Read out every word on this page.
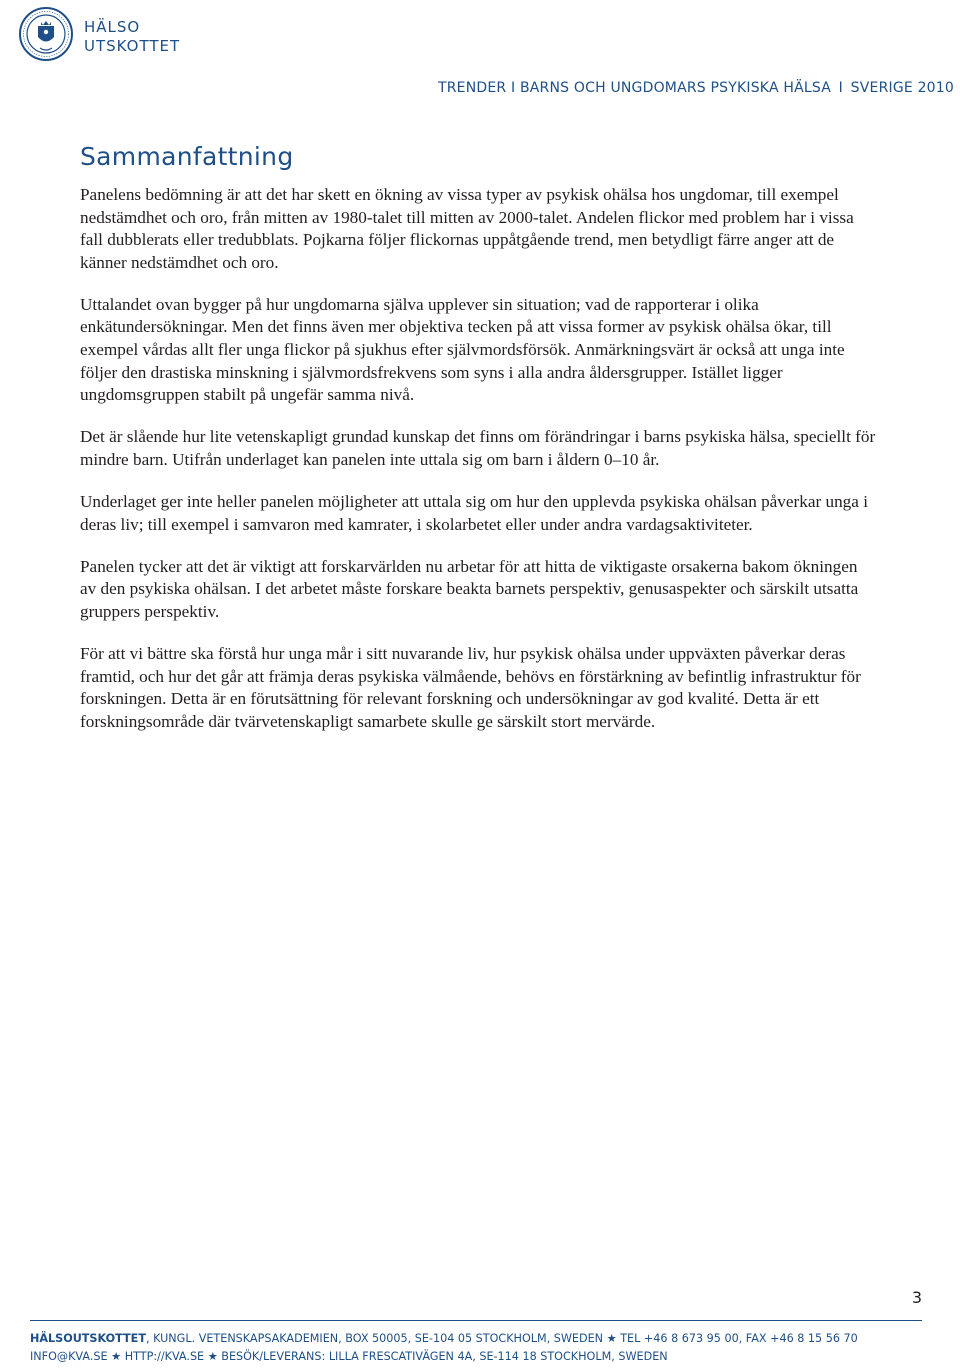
HÄLSO
UTSKOTTET
TRENDER I BARNS OCH UNGDOMARS PSYKISKA HÄLSA I SVERIGE 2010
Sammanfattning

Panelens bedömning är att det har skett en ökning av vissa typer av psykisk ohälsa hos ungdomar, till exempel nedstämdhet och oro, från mitten av 1980-talet till mitten av 2000-talet. Andelen flickor med problem har i vissa fall dubblerats eller tredubblats. Pojkarna följer flickornas uppåtgående trend, men betydligt färre anger att de känner nedstämdhet och oro.

Uttalandet ovan bygger på hur ungdomarna själva upplever sin situation; vad de rapporterar i olika enkätundersökningar. Men det finns även mer objektiva tecken på att vissa former av psykisk ohälsa ökar, till exempel vårdas allt fler unga flickor på sjukhus efter självmordsförsök. Anmärkningsvärt är också att unga inte följer den drastiska minskning i självmordsfrekvens som syns i alla andra åldersgrupper. Istället ligger ungdomsgruppen stabilt på ungefär samma nivå.

Det är slående hur lite vetenskapligt grundad kunskap det finns om förändringar i barns psykiska hälsa, speciellt för mindre barn. Utifrån underlaget kan panelen inte uttala sig om barn i åldern 0–10 år.

Underlaget ger inte heller panelen möjligheter att uttala sig om hur den upplevda psykiska ohälsan påverkar unga i deras liv; till exempel i samvaron med kamrater, i skolarbetet eller under andra vardagsaktiviteter.

Panelen tycker att det är viktigt att forskarvärlden nu arbetar för att hitta de viktigaste orsakerna bakom ökningen av den psykiska ohälsan. I det arbetet måste forskare beakta barnets perspektiv, genusaspekter och särskilt utsatta gruppers perspektiv.

För att vi bättre ska förstå hur unga mår i sitt nuvarande liv, hur psykisk ohälsa under uppväxten påverkar deras framtid, och hur det går att främja deras psykiska välmående, behövs en förstärkning av befintlig infrastruktur för forskningen. Detta är en förutsättning för relevant forskning och undersökningar av god kvalité. Detta är ett forskningsområde där tvärvetenskapligt samarbete skulle ge särskilt stort mervärde.

3
HÄLSOUTSKOTTET, KUNGL. VETENSKAPSAKADEMIEN, BOX 50005, SE-104 05 STOCKHOLM, SWEDEN ★ TEL +46 8 673 95 00, FAX +46 8 15 56 70
INFO@KVA.SE ★ HTTP://KVA.SE ★ BESÖK/LEVERANS: LILLA FRESCATIVÄGEN 4A, SE-114 18 STOCKHOLM, SWEDEN
